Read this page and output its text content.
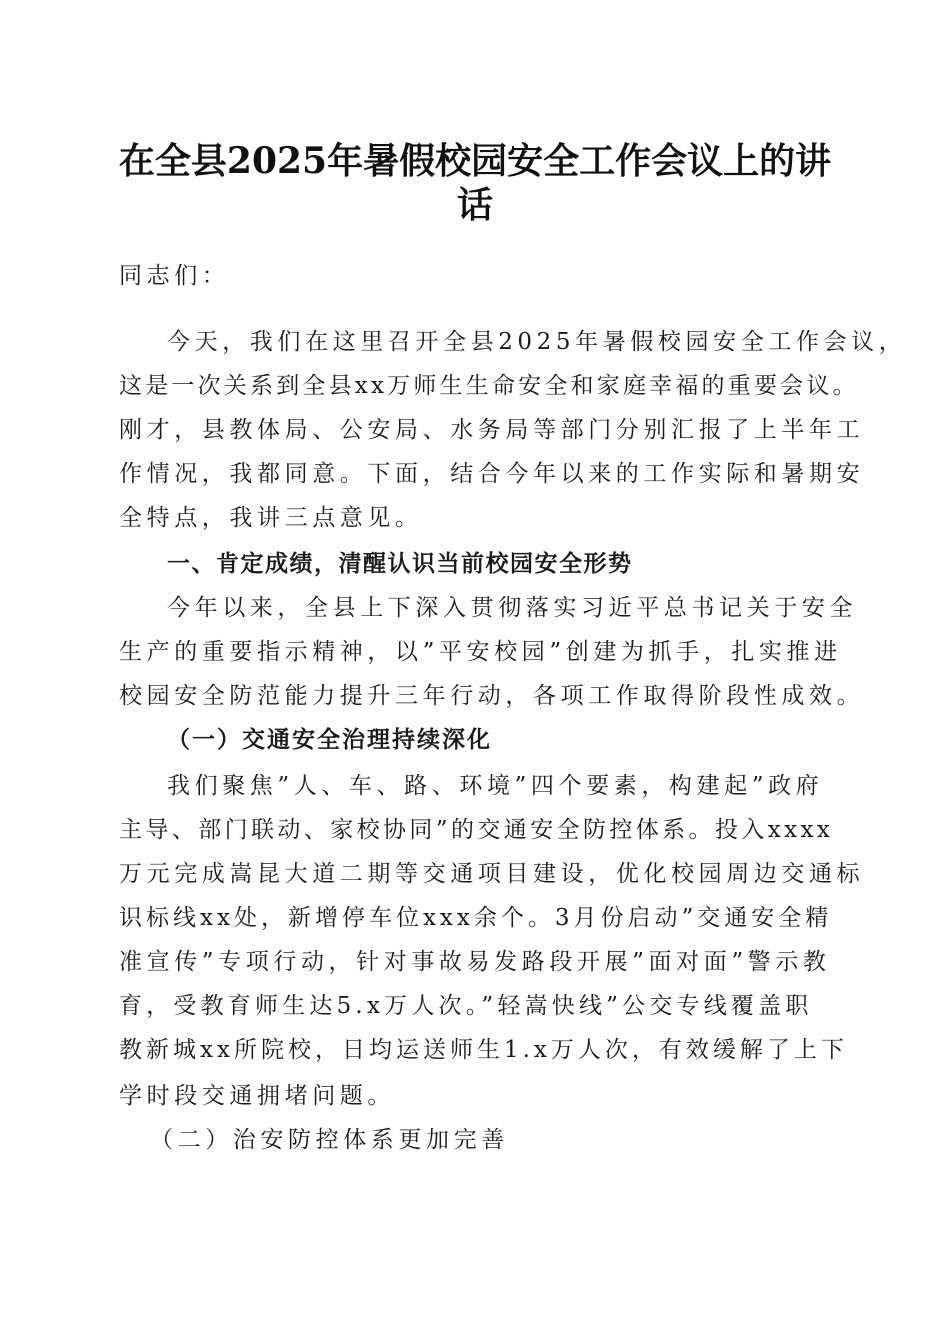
在全县2025年暑假校园安全工作会议上的讲
话

同志们：

今天，我们在这里召开全县2025年暑假校园安全工作会议，

这是一次关系到全县xx万师生生命安全和家庭幸福的重要会议。

刚才，县教体局、公安局、水务局等部门分别汇报了上半年工

作情况，我都同意。下面，结合今年以来的工作实际和暑期安

全特点，我讲三点意见。

一、肯定成绩，清醒认识当前校园安全形势

今年以来，全县上下深入贯彻落实习近平总书记关于安全

生产的重要指示精神，以”平安校园”创建为抓手，扎实推进

校园安全防范能力提升三年行动，各项工作取得阶段性成效。

（一）交通安全治理持续深化

我们聚焦”人、车、路、环境”四个要素，构建起”政府

主导、部门联动、家校协同”的交通安全防控体系。投入xxxx

万元完成嵩昆大道二期等交通项目建设，优化校园周边交通标

识标线xx处，新增停车位xxx余个。3月份启动”交通安全精

准宣传”专项行动，针对事故易发路段开展”面对面”警示教

育，受教育师生达5.x万人次。”轻嵩快线”公交专线覆盖职

教新城xx所院校，日均运送师生1.x万人次，有效缓解了上下

学时段交通拥堵问题。

（二）治安防控体系更加完善
